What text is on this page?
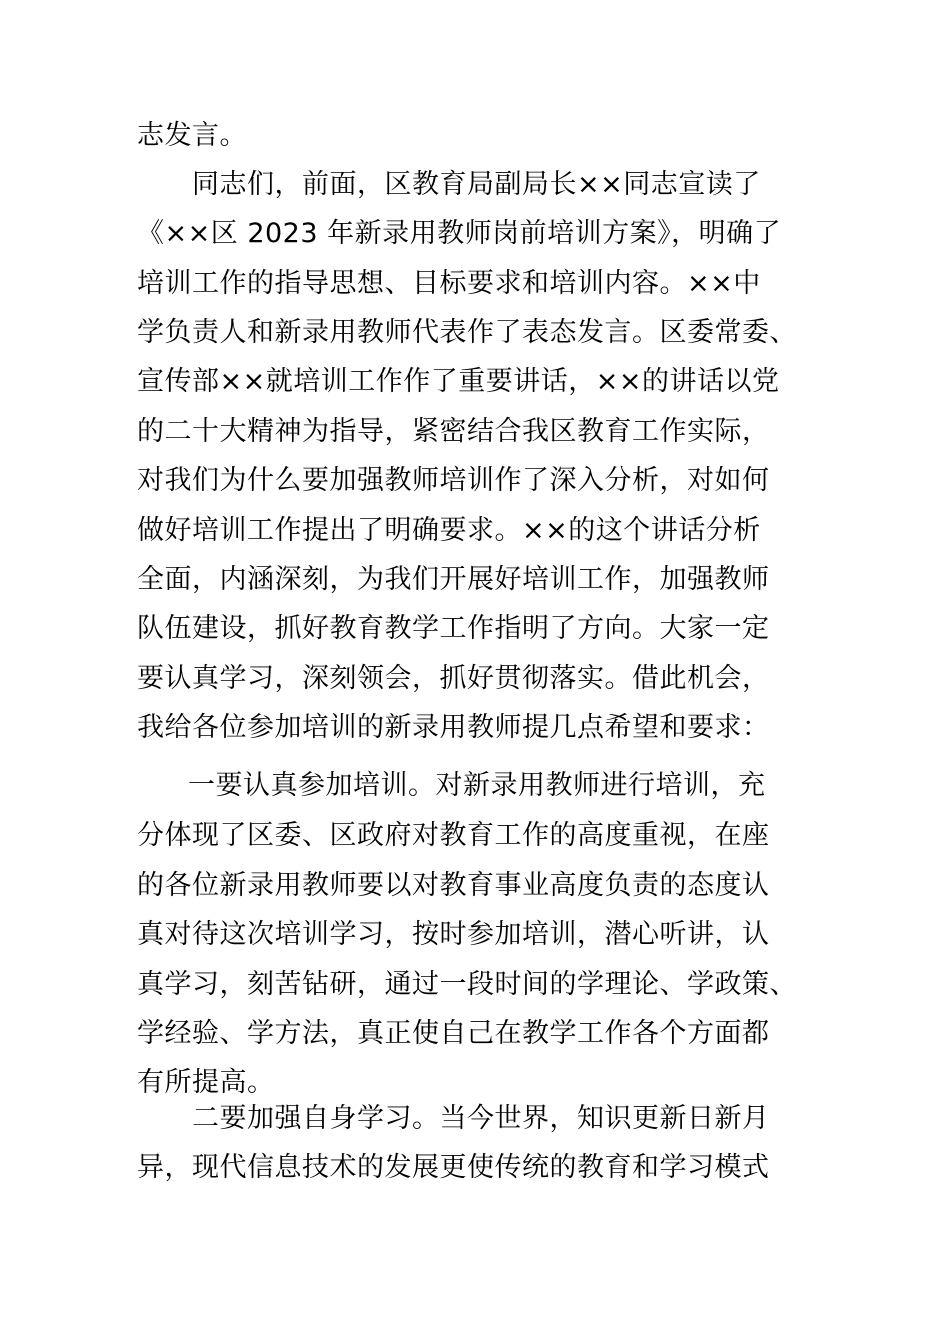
志发言。
同志们，前面，区教育局副局长××同志宣读了
《××区 2023 年新录用教师岗前培训方案》，明确了
培训工作的指导思想、目标要求和培训内容。××中
学负责人和新录用教师代表作了表态发言。区委常委、
宣传部××就培训工作作了重要讲话，××的讲话以党
的二十大精神为指导，紧密结合我区教育工作实际，
对我们为什么要加强教师培训作了深入分析，对如何
做好培训工作提出了明确要求。××的这个讲话分析
全面，内涵深刻，为我们开展好培训工作，加强教师
队伍建设，抓好教育教学工作指明了方向。大家一定
要认真学习，深刻领会，抓好贯彻落实。借此机会，
我给各位参加培训的新录用教师提几点希望和要求：
一要认真参加培训。对新录用教师进行培训，充
分体现了区委、区政府对教育工作的高度重视，在座
的各位新录用教师要以对教育事业高度负责的态度认
真对待这次培训学习，按时参加培训，潜心听讲，认
真学习，刻苦钻研，通过一段时间的学理论、学政策、
学经验、学方法，真正使自己在教学工作各个方面都
有所提高。
二要加强自身学习。当今世界，知识更新日新月
异，现代信息技术的发展更使传统的教育和学习模式
